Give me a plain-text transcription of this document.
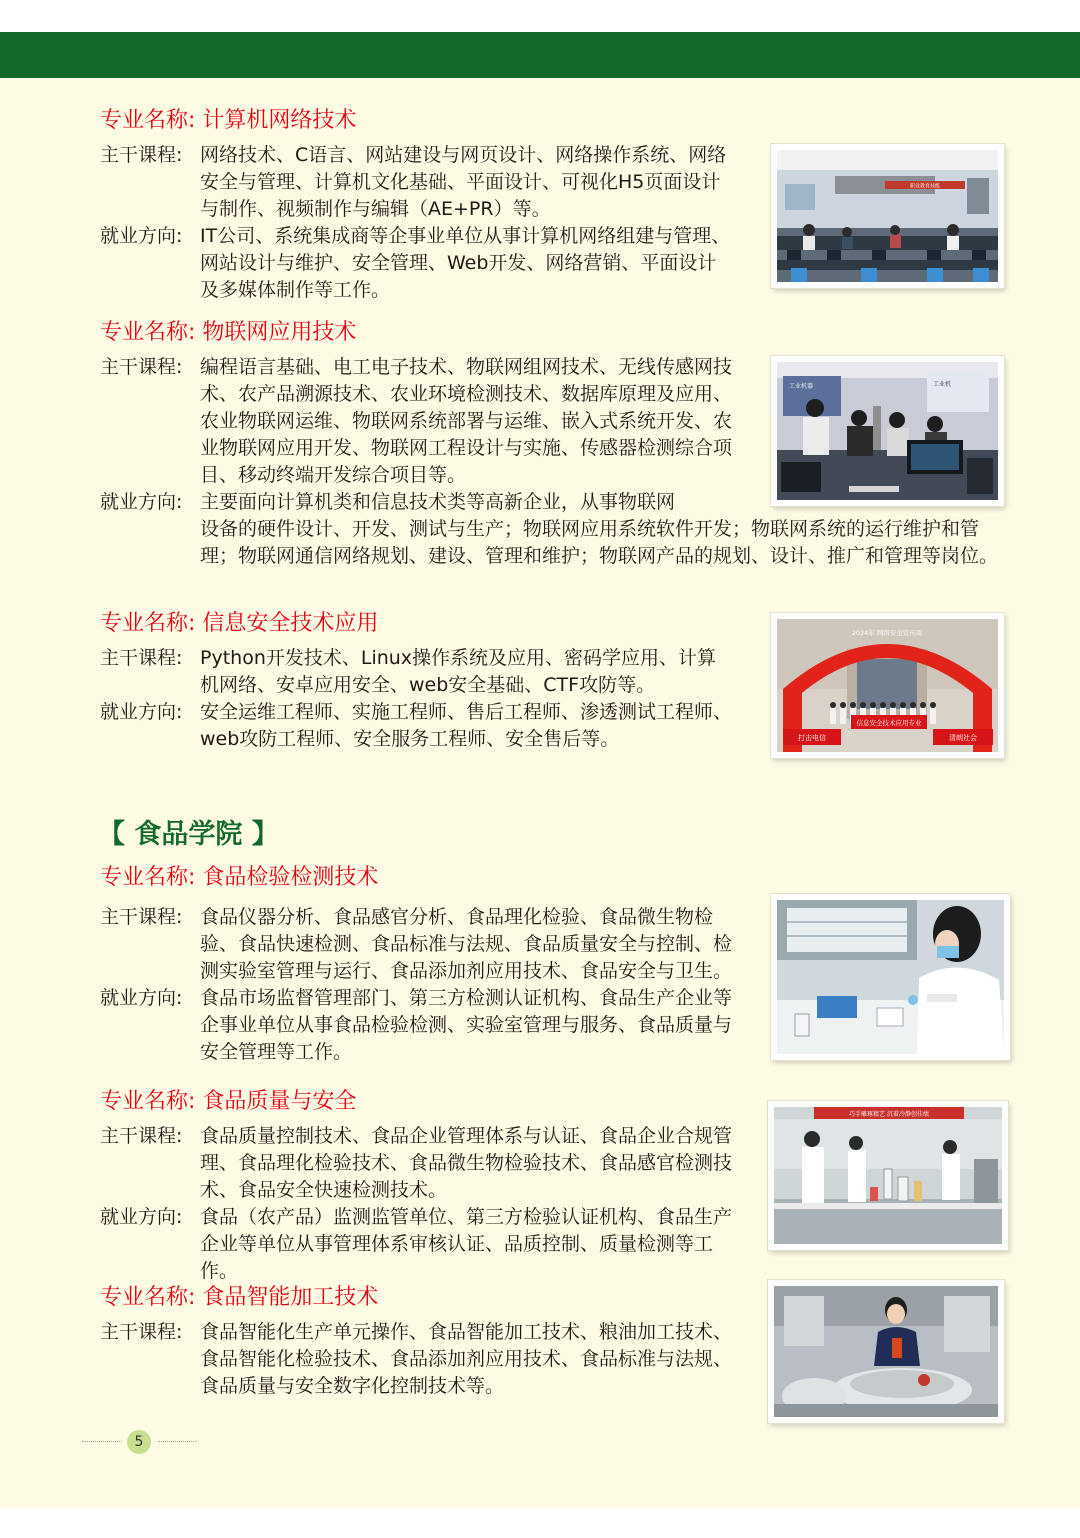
专业名称: 计算机网络技术
主干课程: 网络技术、C语言、网站建设与网页设计、网络操作系统、网络安全与管理、计算机文化基础、平面设计、可视化H5页面设计与制作、视频制作与编辑（AE+PR）等。
就业方向: IT公司、系统集成商等企事业单位从事计算机网络组建与管理、网站设计与维护、安全管理、Web开发、网络营销、平面设计及多媒体制作等工作。
专业名称: 物联网应用技术
主干课程: 编程语言基础、电工电子技术、物联网组网技术、无线传感网技术、农产品溯源技术、农业环境检测技术、数据库原理及应用、农业物联网运维、物联网系统部署与运维、嵌入式系统开发、农业物联网应用开发、物联网工程设计与实施、传感器检测综合项目、移动终端开发综合项目等。
就业方向: 主要面向计算机类和信息技术类等高新企业，从事物联网
设备的硬件设计、开发、测试与生产；物联网应用系统软件开发；物联网系统的运行维护和管理；物联网通信网络规划、建设、管理和维护；物联网产品的规划、设计、推广和管理等岗位。
专业名称: 信息安全技术应用
主干课程: Python开发技术、Linux操作系统及应用、密码学应用、计算机网络、安卓应用安全、web安全基础、CTF攻防等。
就业方向: 安全运维工程师、实施工程师、售后工程师、渗透测试工程师、web攻防工程师、安全服务工程师、安全售后等。
【 食品学院 】
专业名称: 食品检验检测技术
主干课程: 食品仪器分析、食品感官分析、食品理化检验、食品微生物检验、食品快速检测、食品标准与法规、食品质量安全与控制、检测实验室管理与运行、食品添加剂应用技术、食品安全与卫生。
就业方向: 食品市场监督管理部门、第三方检测认证机构、食品生产企业等企事业单位从事食品检验检测、实验室管理与服务、食品质量与安全管理等工作。
专业名称: 食品质量与安全
主干课程: 食品质量控制技术、食品企业管理体系与认证、食品企业合规管理、食品理化检验技术、食品微生物检验技术、食品感官检测技术、食品安全快速检测技术。
就业方向: 食品（农产品）监测监管单位、第三方检验认证机构、食品生产企业等单位从事管理体系审核认证、品质控制、质量检测等工作。
专业名称: 食品智能加工技术
主干课程: 食品智能化生产单元操作、食品智能加工技术、粮油加工技术、食品智能化检验技术、食品添加剂应用技术、食品标准与法规、食品质量与安全数字化控制技术等。
职业教育技能
工业机器	工业机
2024年 网络安全宣传周
信息安全技术应用专业
打击电信	清朗社会
巧手雕琢精艺 沉着冷静创佳绩
5
